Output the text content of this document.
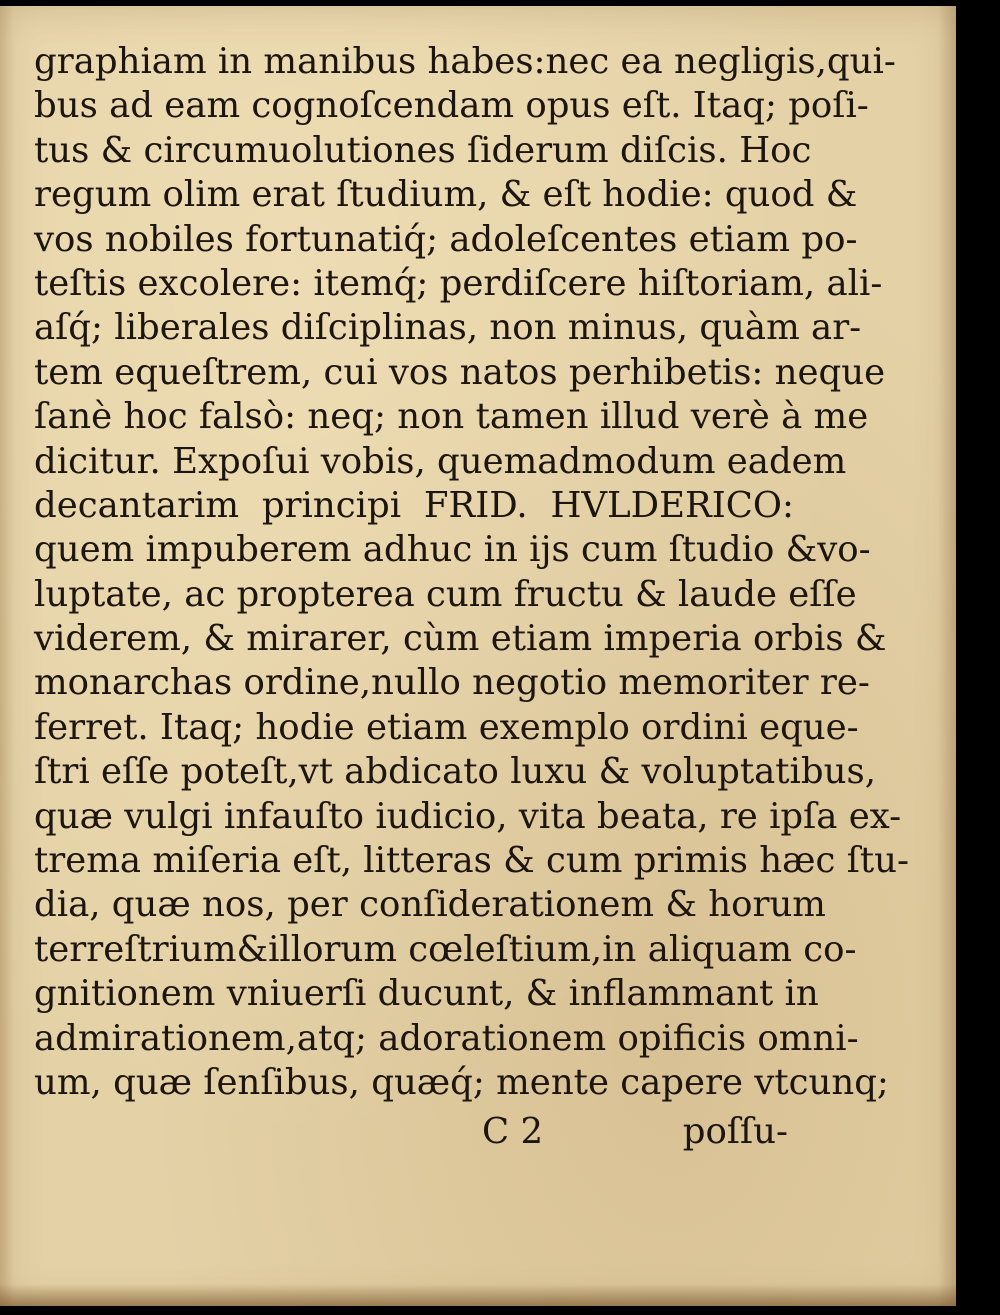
graphiam in manibus habes:nec ea negligis,qui-
bus ad eam cognoſcendam opus eſt. Itaq; poſi-
tus & circumuolutiones ſiderum diſcis. Hoc
regum olim erat ſtudium, & eſt hodie: quod &
vos nobiles fortunatiq́; adoleſcentes etiam po-
teſtis excolere: itemq́; perdiſcere hiſtoriam, ali-
aſq́; liberales diſciplinas, non minus, quàm ar-
tem equeſtrem, cui vos natos perhibetis: neque
ſanè hoc falsò: neq; non tamen illud verè à me
dicitur. Expoſui vobis, quemadmodum eadem
decantarim principi FRID. HVLDERICO:
quem impuberem adhuc in ijs cum ſtudio &vo-
luptate, ac propterea cum fructu & laude eſſe
viderem, & mirarer, cùm etiam imperia orbis &
monarchas ordine,nullo negotio memoriter re-
ferret. Itaq; hodie etiam exemplo ordini eque-
ſtri eſſe poteſt,vt abdicato luxu & voluptatibus,
quæ vulgi infauſto iudicio, vita beata, re ipſa ex-
trema miſeria eſt, litteras & cum primis hæc ſtu-
dia, quæ nos, per conſiderationem & horum
terreſtrium&illorum cœleſtium,in aliquam co-
gnitionem vniuerſi ducunt, & inflammant in
admirationem,atq; adorationem opificis omni-
um, quæ ſenſibus, quæq́; mente capere vtcunq;
C 2	poſſu-
